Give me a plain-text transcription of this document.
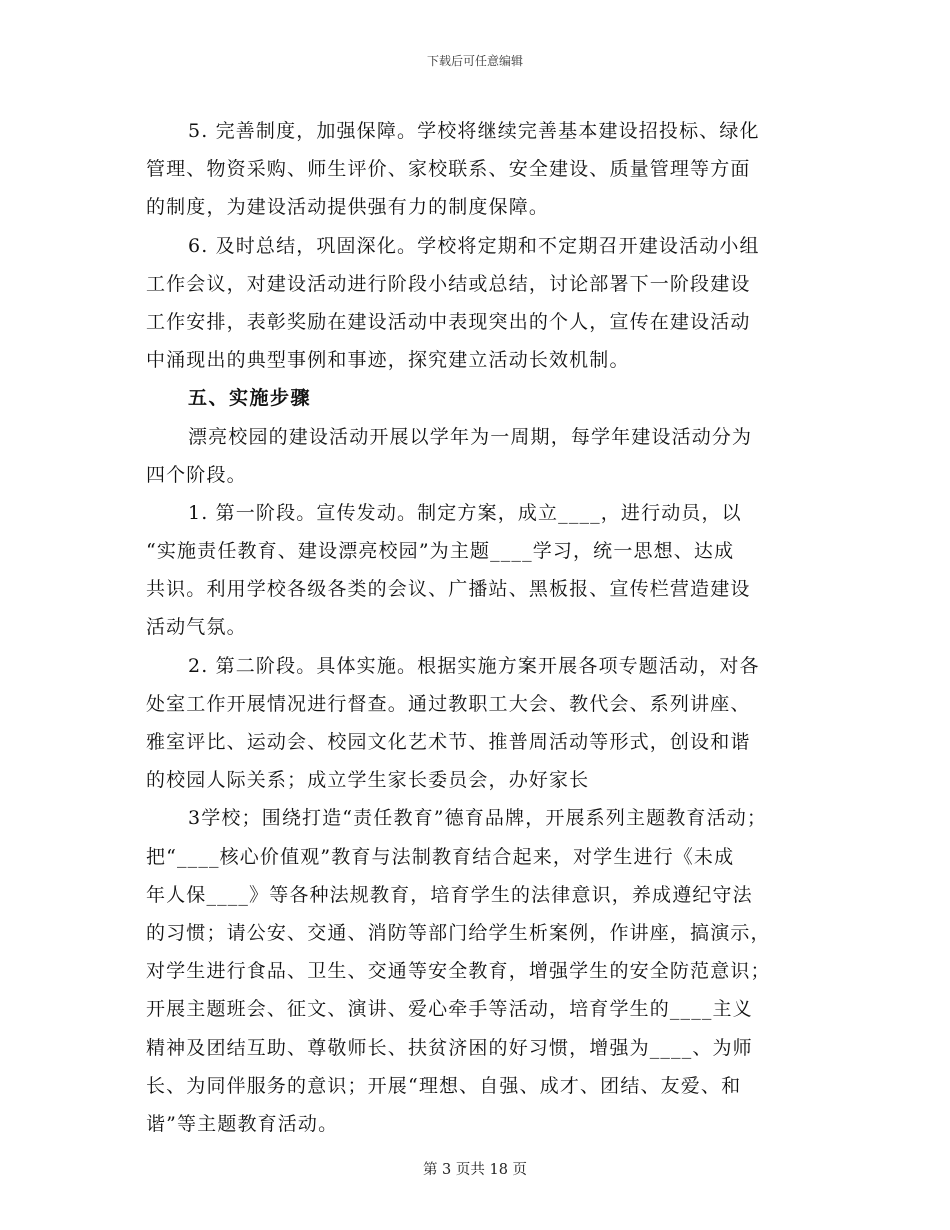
下载后可任意编辑
5. 完善制度，加强保障。学校将继续完善基本建设招投标、绿化
管理、物资采购、师生评价、家校联系、安全建设、质量管理等方面
的制度，为建设活动提供强有力的制度保障。
6. 及时总结，巩固深化。学校将定期和不定期召开建设活动小组
工作会议，对建设活动进行阶段小结或总结，讨论部署下一阶段建设
工作安排，表彰奖励在建设活动中表现突出的个人，宣传在建设活动
中涌现出的典型事例和事迹，探究建立活动长效机制。
五、实施步骤
漂亮校园的建设活动开展以学年为一周期，每学年建设活动分为
四个阶段。
1. 第一阶段。宣传发动。制定方案，成立____，进行动员，以
“实施责任教育、建设漂亮校园”为主题____学习，统一思想、达成
共识。利用学校各级各类的会议、广播站、黑板报、宣传栏营造建设
活动气氛。
2. 第二阶段。具体实施。根据实施方案开展各项专题活动，对各
处室工作开展情况进行督查。通过教职工大会、教代会、系列讲座、
雅室评比、运动会、校园文化艺术节、推普周活动等形式，创设和谐
的校园人际关系；成立学生家长委员会，办好家长
3学校；围绕打造“责任教育”德育品牌，开展系列主题教育活动；
把“____核心价值观”教育与法制教育结合起来，对学生进行《未成
年人保____》等各种法规教育，培育学生的法律意识，养成遵纪守法
的习惯；请公安、交通、消防等部门给学生析案例，作讲座，搞演示，
对学生进行食品、卫生、交通等安全教育，增强学生的安全防范意识；
开展主题班会、征文、演讲、爱心牵手等活动，培育学生的____主义
精神及团结互助、尊敬师长、扶贫济困的好习惯，增强为____、为师
长、为同伴服务的意识；开展“理想、自强、成才、团结、友爱、和
谐”等主题教育活动。
第 3 页共 18 页
